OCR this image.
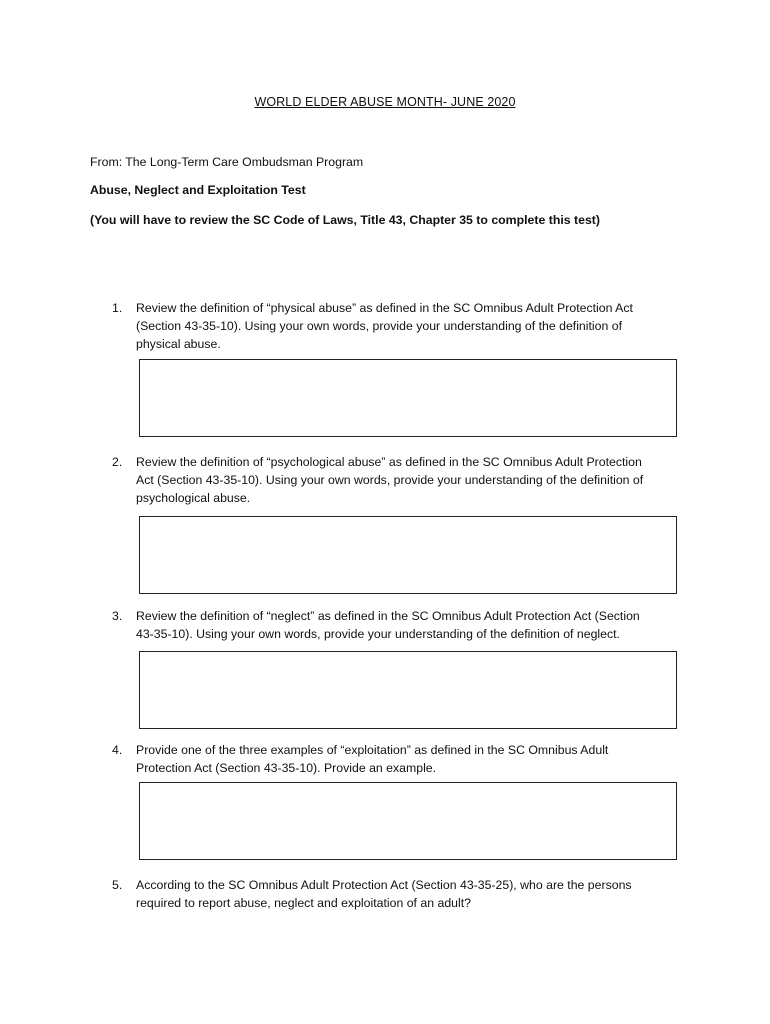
WORLD ELDER ABUSE MONTH- JUNE 2020
From: The Long-Term Care Ombudsman Program
Abuse, Neglect and Exploitation Test
(You will have to review the SC Code of Laws, Title 43, Chapter 35 to complete this test)
1.	Review the definition of “physical abuse” as defined in the SC Omnibus Adult Protection Act
(Section 43-35-10). Using your own words, provide your understanding of the definition of
physical abuse.
2.	Review the definition of “psychological abuse” as defined in the SC Omnibus Adult Protection
Act (Section 43-35-10). Using your own words, provide your understanding of the definition of
psychological abuse.
3.	Review the definition of “neglect” as defined in the SC Omnibus Adult Protection Act (Section
43-35-10). Using your own words, provide your understanding of the definition of neglect.
4.	Provide one of the three examples of “exploitation” as defined in the SC Omnibus Adult
Protection Act (Section 43-35-10). Provide an example.
5.	According to the SC Omnibus Adult Protection Act (Section 43-35-25), who are the persons
required to report abuse, neglect and exploitation of an adult?
